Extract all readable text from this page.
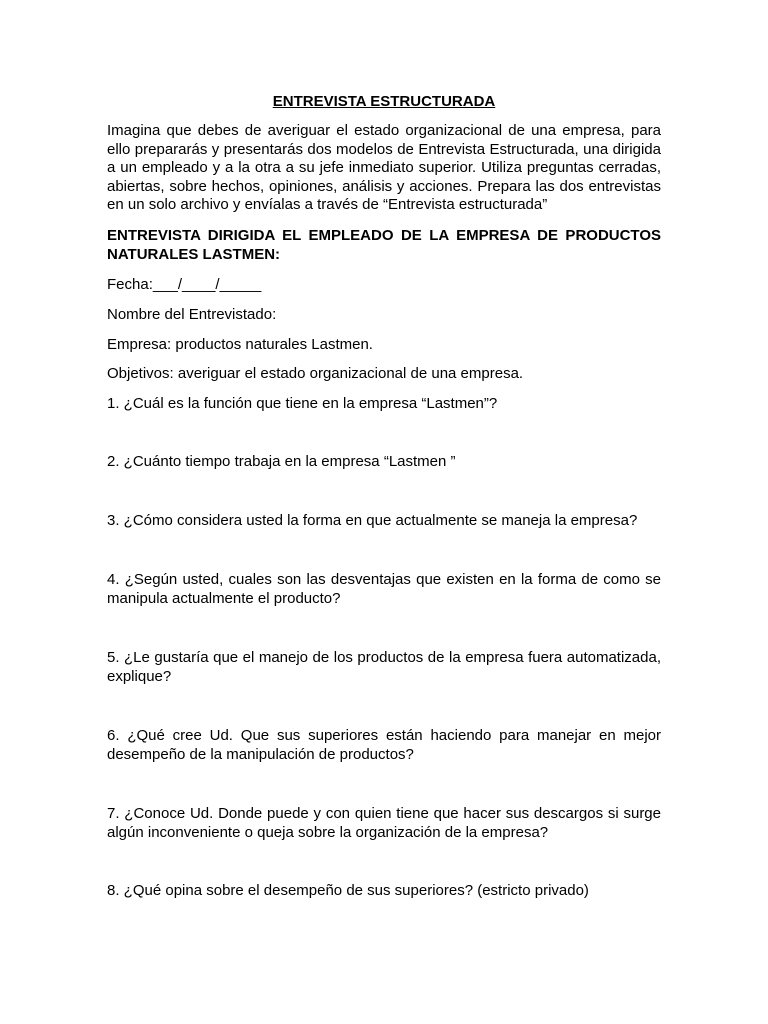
ENTREVISTA ESTRUCTURADA

Imagina que debes de averiguar el estado organizacional de una empresa, para ello prepararás y presentarás dos modelos de Entrevista Estructurada, una dirigida a un empleado y a la otra a su jefe inmediato superior. Utiliza preguntas cerradas, abiertas, sobre hechos, opiniones, análisis y acciones. Prepara las dos entrevistas en un solo archivo y envíalas a través de “Entrevista estructurada”

ENTREVISTA DIRIGIDA EL EMPLEADO DE LA EMPRESA DE PRODUCTOS NATURALES LASTMEN:

Fecha:___/____/_____

Nombre del Entrevistado:

Empresa: productos naturales Lastmen.

Objetivos: averiguar el estado organizacional de una empresa.

1. ¿Cuál es la función que tiene en la empresa “Lastmen”?

2. ¿Cuánto tiempo trabaja en la empresa “Lastmen ”

3. ¿Cómo considera usted la forma en que actualmente se maneja la empresa?

4. ¿Según usted, cuales son las desventajas que existen en la forma de como se manipula actualmente el producto?

5. ¿Le gustaría que el manejo de los productos de la empresa fuera automatizada, explique?

6. ¿Qué cree Ud. Que sus superiores están haciendo para manejar en mejor desempeño de la manipulación de productos?

7. ¿Conoce Ud. Donde puede y con quien tiene que hacer sus descargos si surge algún inconveniente o queja sobre la organización de la empresa?

8. ¿Qué opina sobre el desempeño de sus superiores? (estricto privado)
